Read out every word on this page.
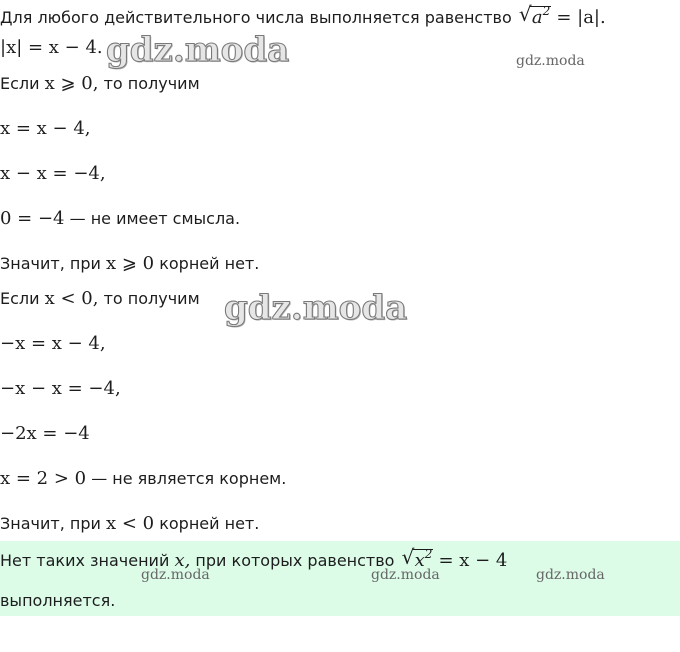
Для любого действительного числа выполняется равенство √ $a^2 = |a|$.
|x| = x − 4.
Если x ⩾ 0, то получим
x = x − 4,
x − x = −4,
0 = −4 — не имеет смысла.
Значит, при x ⩾ 0 корней нет.
Если x < 0, то получим
−x = x − 4,
−x − x = −4,
−2x = −4
x = 2 > 0 — не является корнем.
Значит, при x < 0 корней нет.
Нет таких значений x, при которых равенство √ $x^2 = x - 4$
выполняется.
gdz.moda
gdz.moda
gdz.moda
gdz.moda	gdz.moda	gdz.moda
